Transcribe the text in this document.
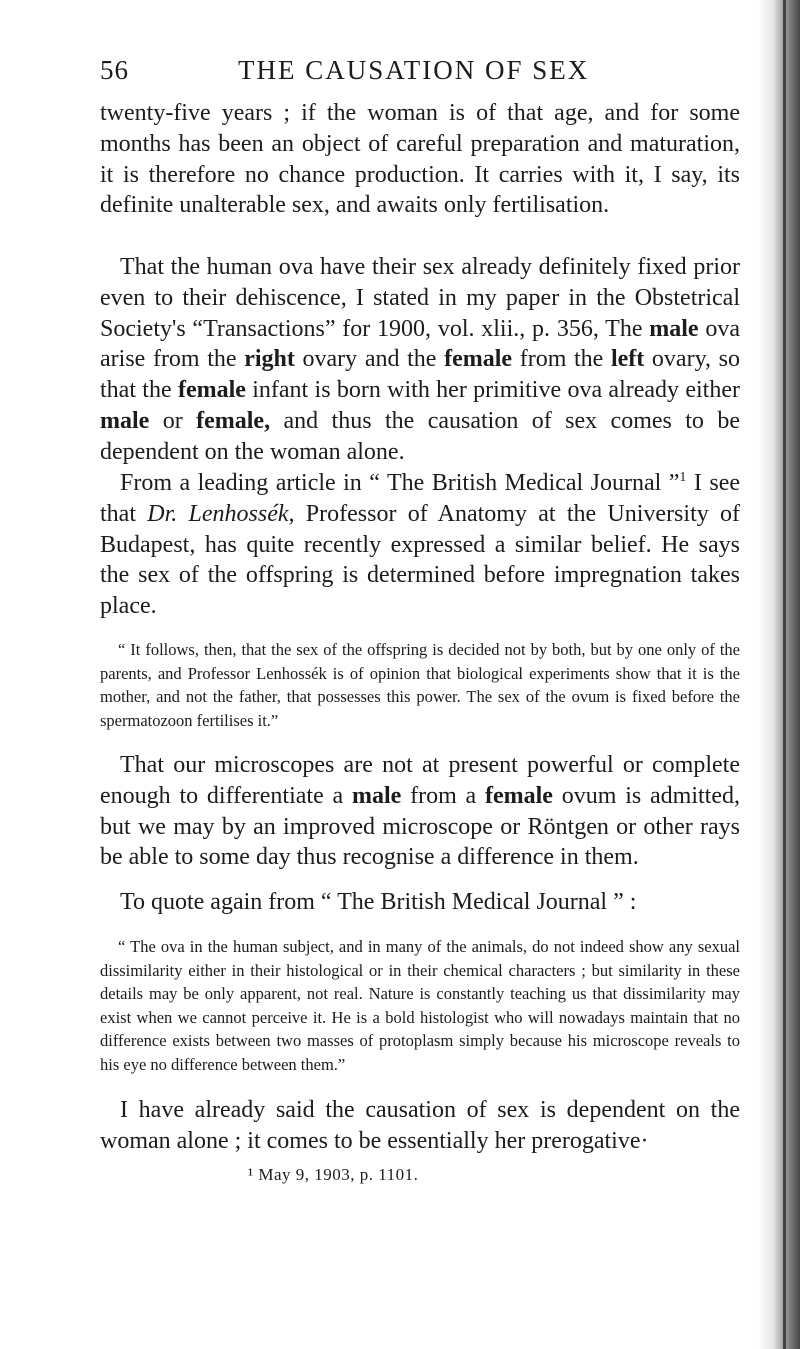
56	THE CAUSATION OF SEX

twenty-five years ; if the woman is of that age, and for some months has been an object of careful preparation and maturation, it is therefore no chance production. It carries with it, I say, its definite unalterable sex, and awaits only fertilisation.

That the human ova have their sex already definitely fixed prior even to their dehiscence, I stated in my paper in the Obstetrical Society's “Transactions” for 1900, vol. xlii., p. 356, The male ova arise from the right ovary and the female from the left ovary, so that the female infant is born with her primitive ova already either male or female, and thus the causation of sex comes to be dependent on the woman alone.

From a leading article in “ The British Medical Journal ”$^1$ I see that Dr. Lenhossék, Professor of Anatomy at the University of Budapest, has quite recently expressed a similar belief. He says the sex of the offspring is determined before impregnation takes place.

“ It follows, then, that the sex of the offspring is decided not by both, but by one only of the parents, and Professor Lenhossék is of opinion that biological experiments show that it is the mother, and not the father, that possesses this power. The sex of the ovum is fixed before the spermatozoon fertilises it.”

That our microscopes are not at present powerful or complete enough to differentiate a male from a female ovum is admitted, but we may by an improved microscope or Röntgen or other rays be able to some day thus recognise a difference in them.

To quote again from “ The British Medical Journal ” :

“ The ova in the human subject, and in many of the animals, do not indeed show any sexual dissimilarity either in their histological or in their chemical characters ; but similarity in these details may be only apparent, not real. Nature is constantly teaching us that dissimilarity may exist when we cannot perceive it. He is a bold histologist who will nowadays maintain that no difference exists between two masses of protoplasm simply because his microscope reveals to his eye no difference between them.”

I have already said the causation of sex is dependent on the woman alone ; it comes to be essentially her prerogative·

¹ May 9, 1903, p. 1101.
